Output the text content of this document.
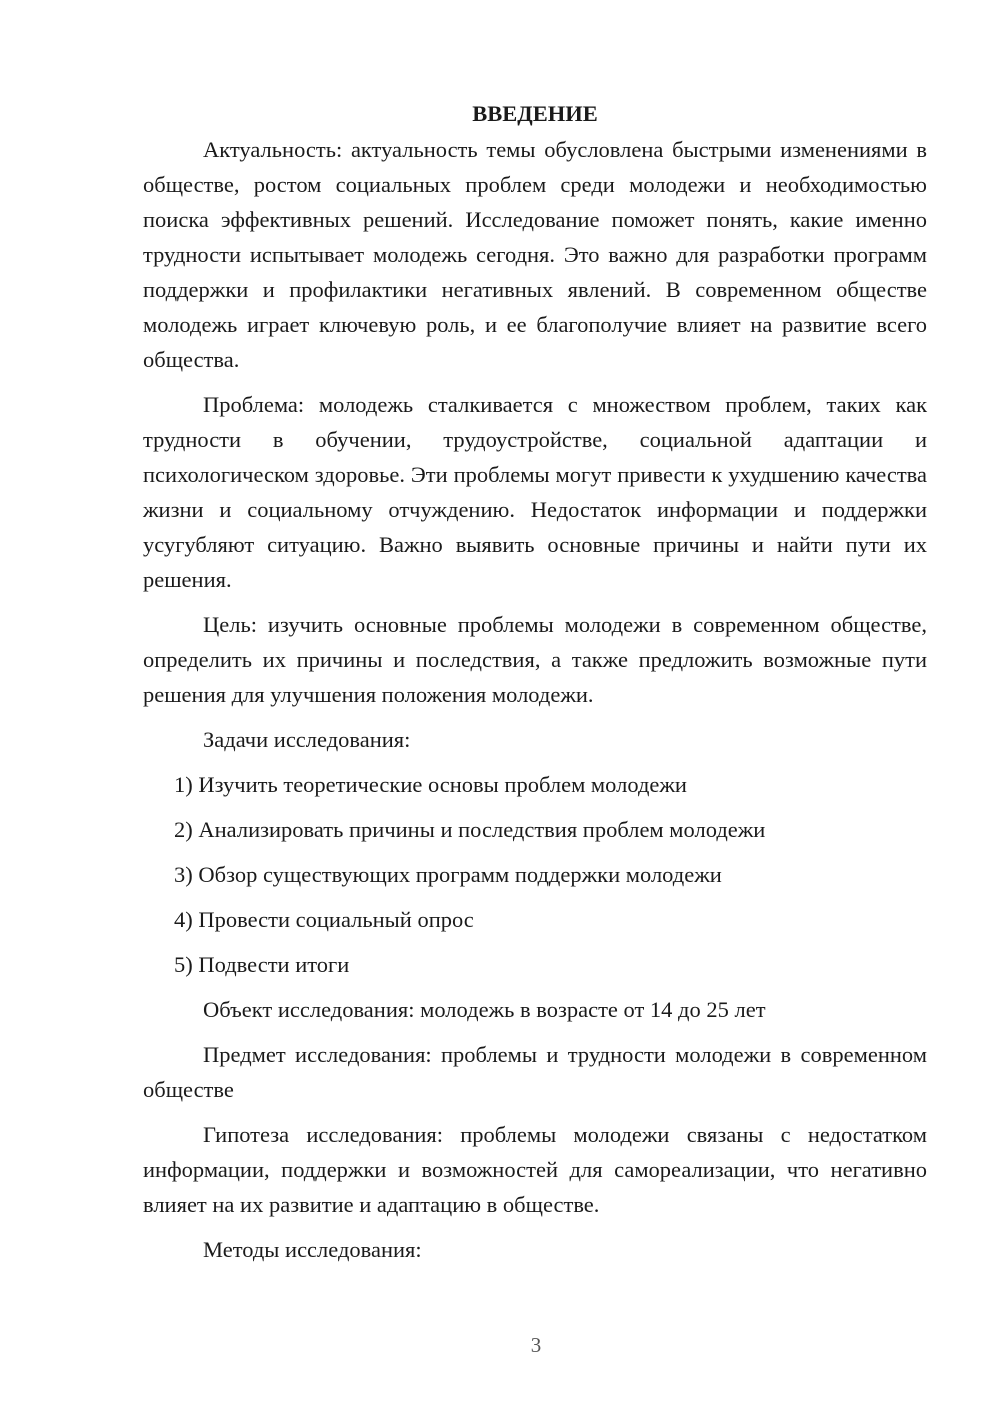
ВВЕДЕНИЕ

Актуальность: актуальность темы обусловлена быстрыми изменениями в обществе, ростом социальных проблем среди молодежи и необходимостью поиска эффективных решений. Исследование поможет понять, какие именно трудности испытывает молодежь сегодня. Это важно для разработки программ поддержки и профилактики негативных явлений. В современном обществе молодежь играет ключевую роль, и ее благополучие влияет на развитие всего общества.

Проблема: молодежь сталкивается с множеством проблем, таких как трудности в обучении, трудоустройстве, социальной адаптации и психологическом здоровье. Эти проблемы могут привести к ухудшению качества жизни и социальному отчуждению. Недостаток информации и поддержки усугубляют ситуацию. Важно выявить основные причины и найти пути их решения.

Цель: изучить основные проблемы молодежи в современном обществе, определить их причины и последствия, а также предложить возможные пути решения для улучшения положения молодежи.

Задачи исследования:

1) Изучить теоретические основы проблем молодежи
2) Анализировать причины и последствия проблем молодежи
3) Обзор существующих программ поддержки молодежи
4) Провести социальный опрос
5) Подвести итоги

Объект исследования: молодежь в возрасте от 14 до 25 лет

Предмет исследования: проблемы и трудности молодежи в современном обществе

Гипотеза исследования: проблемы молодежи связаны с недостатком информации, поддержки и возможностей для самореализации, что негативно влияет на их развитие и адаптацию в обществе.

Методы исследования:

3
